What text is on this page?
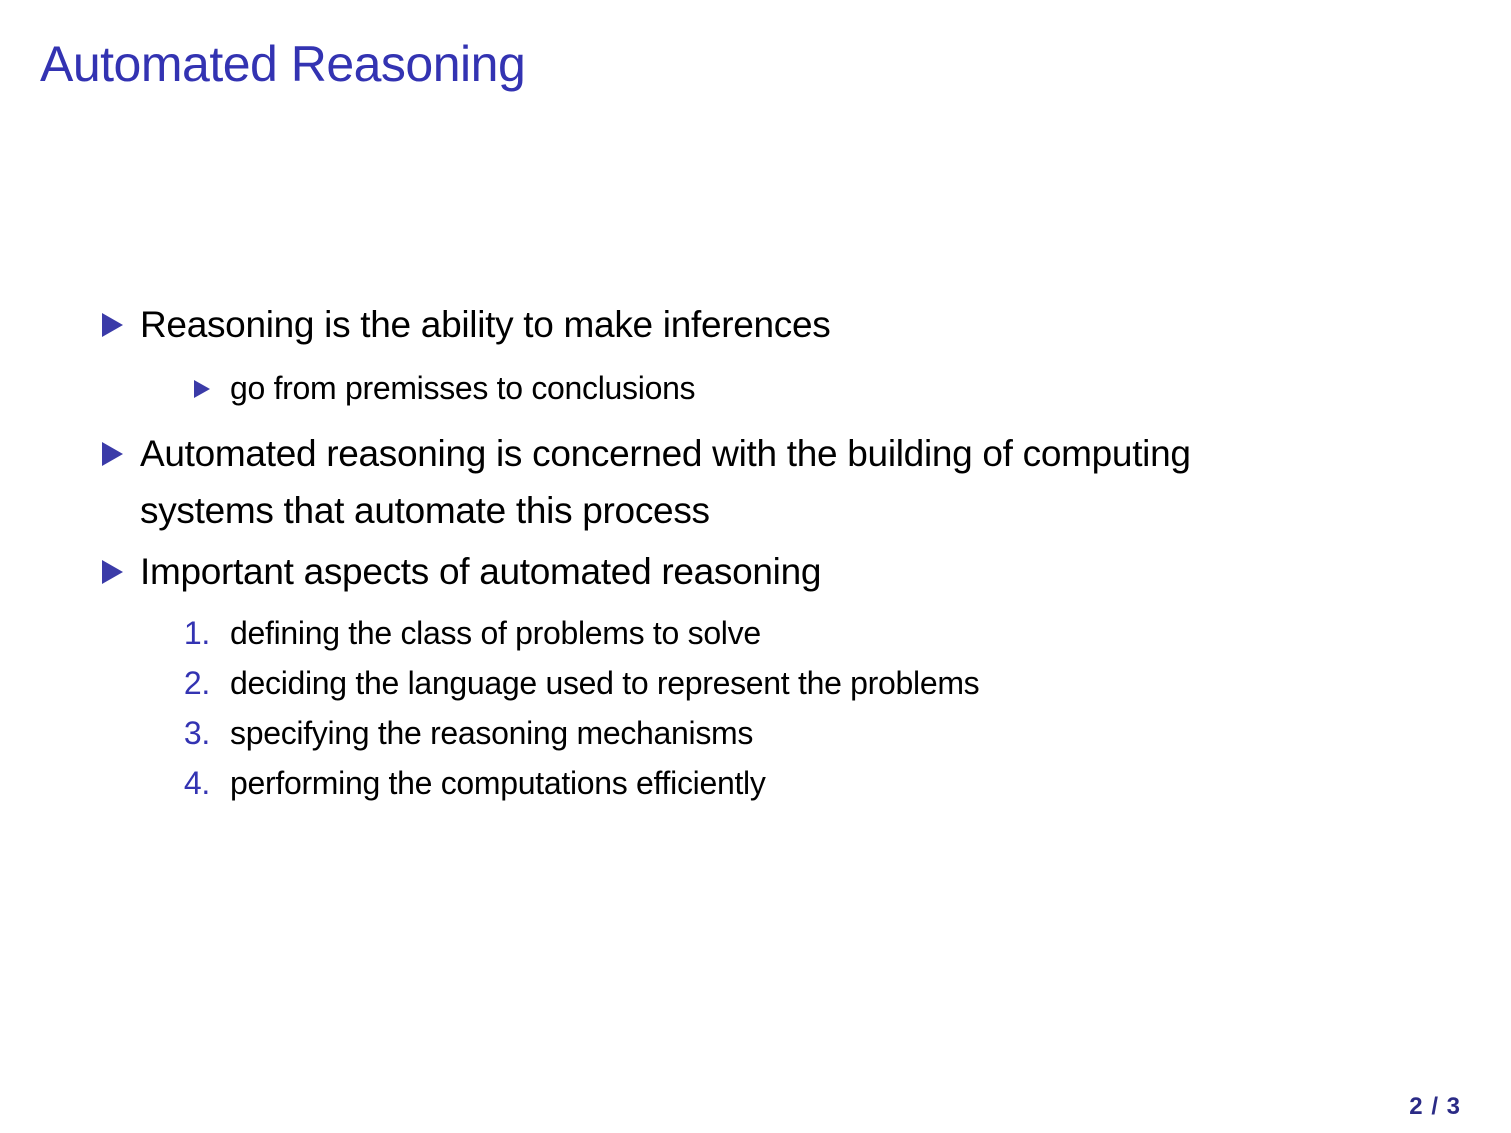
Automated Reasoning
Reasoning is the ability to make inferences
go from premisses to conclusions
Automated reasoning is concerned with the building of computing systems that automate this process
Important aspects of automated reasoning
1. defining the class of problems to solve
2. deciding the language used to represent the problems
3. specifying the reasoning mechanisms
4. performing the computations efficiently
2 / 3
